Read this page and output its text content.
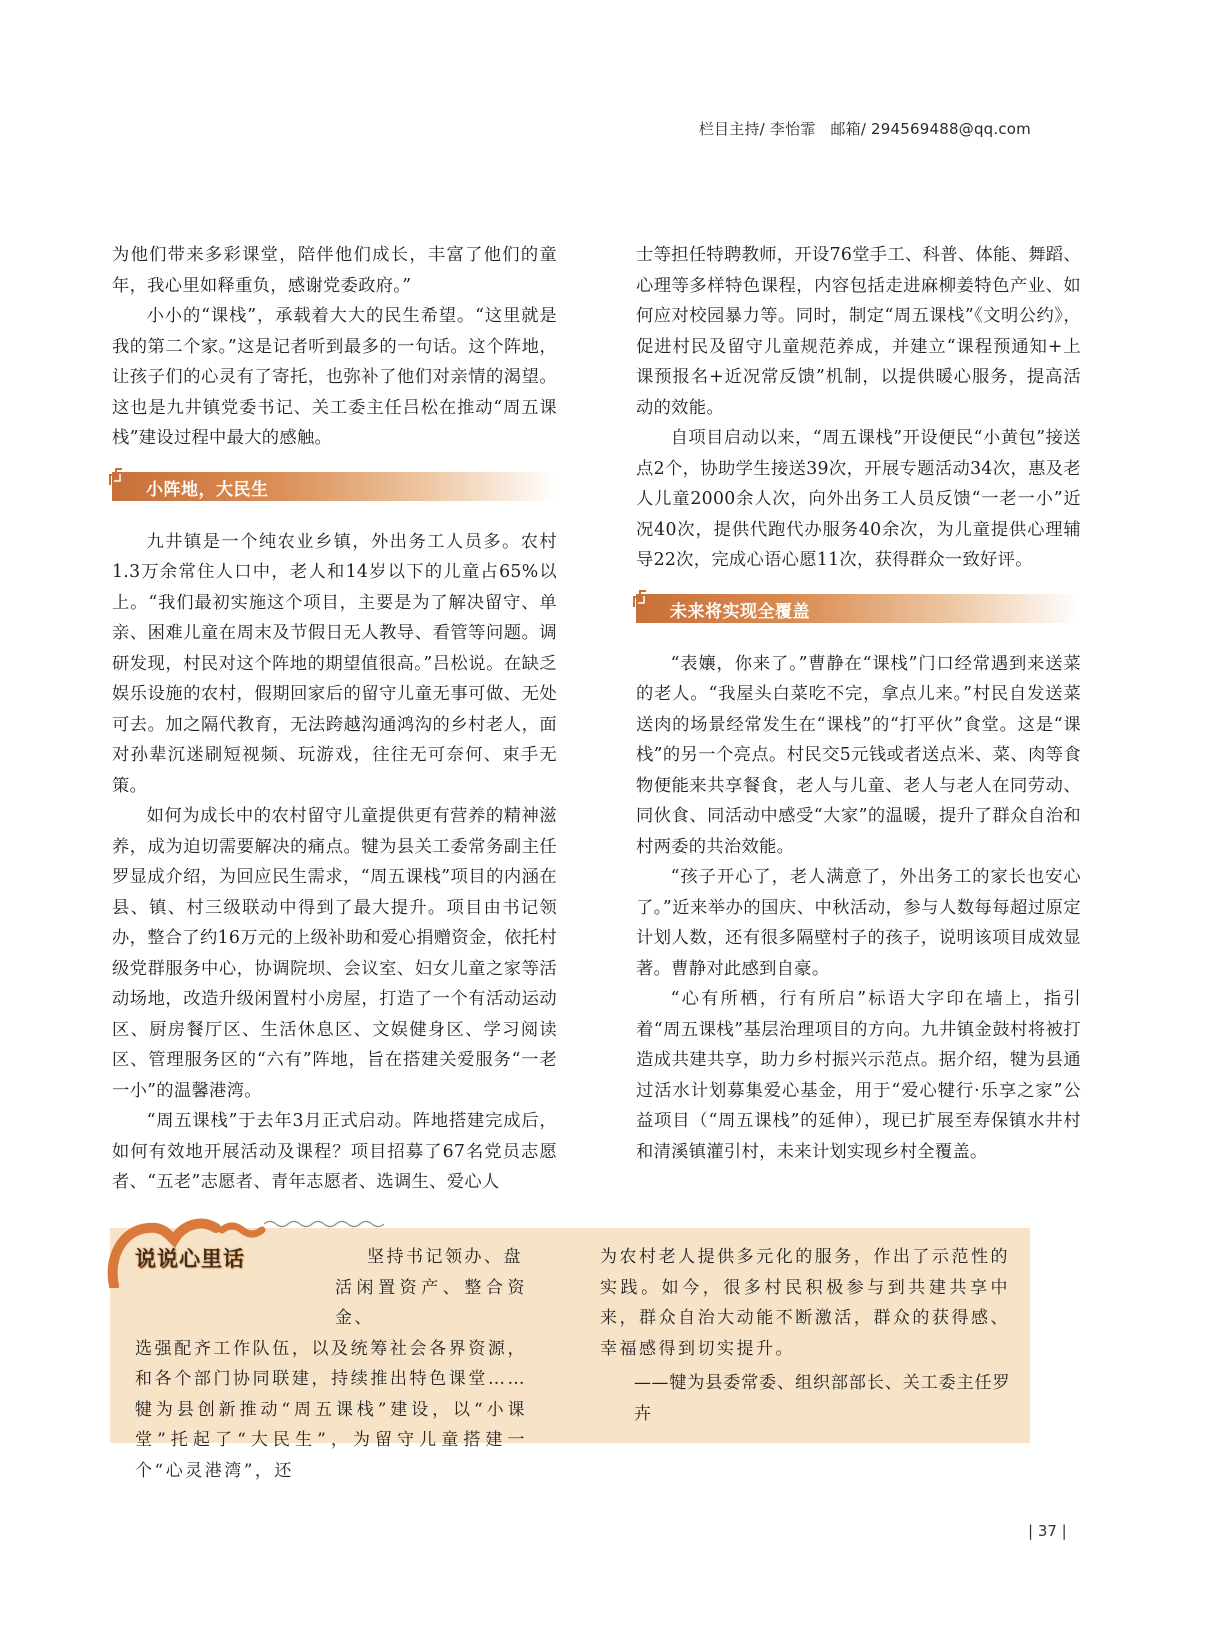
栏目主持/ 李怡霏 邮箱/ 294569488@qq.com

为他们带来多彩课堂，陪伴他们成长，丰富了他们的童年，我心里如释重负，感谢党委政府。”

小小的“课栈”，承载着大大的民生希望。“这里就是我的第二个家。”这是记者听到最多的一句话。这个阵地，让孩子们的心灵有了寄托，也弥补了他们对亲情的渴望。这也是九井镇党委书记、关工委主任吕松在推动“周五课栈”建设过程中最大的感触。

小阵地，大民生

九井镇是一个纯农业乡镇，外出务工人员多。农村1.3万余常住人口中，老人和14岁以下的儿童占65%以上。“我们最初实施这个项目，主要是为了解决留守、单亲、困难儿童在周末及节假日无人教导、看管等问题。调研发现，村民对这个阵地的期望值很高。”吕松说。在缺乏娱乐设施的农村，假期回家后的留守儿童无事可做、无处可去。加之隔代教育，无法跨越沟通鸿沟的乡村老人，面对孙辈沉迷刷短视频、玩游戏，往往无可奈何、束手无策。

如何为成长中的农村留守儿童提供更有营养的精神滋养，成为迫切需要解决的痛点。犍为县关工委常务副主任罗显成介绍，为回应民生需求，“周五课栈”项目的内涵在县、镇、村三级联动中得到了最大提升。项目由书记领办，整合了约16万元的上级补助和爱心捐赠资金，依托村级党群服务中心，协调院坝、会议室、妇女儿童之家等活动场地，改造升级闲置村小房屋，打造了一个有活动运动区、厨房餐厅区、生活休息区、文娱健身区、学习阅读区、管理服务区的“六有”阵地，旨在搭建关爱服务“一老一小”的温馨港湾。

“周五课栈”于去年3月正式启动。阵地搭建完成后，如何有效地开展活动及课程？项目招募了67名党员志愿者、“五老”志愿者、青年志愿者、选调生、爱心人

士等担任特聘教师，开设76堂手工、科普、体能、舞蹈、心理等多样特色课程，内容包括走进麻柳姜特色产业、如何应对校园暴力等。同时，制定“周五课栈”《文明公约》，促进村民及留守儿童规范养成，并建立“课程预通知+上课预报名+近况常反馈”机制，以提供暖心服务，提高活动的效能。

自项目启动以来，“周五课栈”开设便民“小黄包”接送点2个，协助学生接送39次，开展专题活动34次，惠及老人儿童2000余人次，向外出务工人员反馈“一老一小”近况40次，提供代跑代办服务40余次，为儿童提供心理辅导22次，完成心语心愿11次，获得群众一致好评。

未来将实现全覆盖

“表孃，你来了。”曹静在“课栈”门口经常遇到来送菜的老人。“我屋头白菜吃不完，拿点儿来。”村民自发送菜送肉的场景经常发生在“课栈”的“打平伙”食堂。这是“课栈”的另一个亮点。村民交5元钱或者送点米、菜、肉等食物便能来共享餐食，老人与儿童、老人与老人在同劳动、同伙食、同活动中感受“大家”的温暖，提升了群众自治和村两委的共治效能。

“孩子开心了，老人满意了，外出务工的家长也安心了。”近来举办的国庆、中秋活动，参与人数每每超过原定计划人数，还有很多隔壁村子的孩子，说明该项目成效显著。曹静对此感到自豪。

“心有所栖，行有所启”标语大字印在墙上，指引着“周五课栈”基层治理项目的方向。九井镇金鼓村将被打造成共建共享，助力乡村振兴示范点。据介绍，犍为县通过活水计划募集爱心基金，用于“爱心犍行·乐享之家”公益项目（“周五课栈”的延伸），现已扩展至寿保镇水井村和清溪镇灌引村，未来计划实现乡村全覆盖。

说说心里话	坚持书记领办、盘
活闲置资产、整合资金、
选强配齐工作队伍，以及统筹社会各界资源，和各个部门协同联建，持续推出特色课堂……犍为县创新推动“周五课栈”建设，以“小课堂”托起了“大民生”，为留守儿童搭建一个“心灵港湾”，还
为农村老人提供多元化的服务，作出了示范性的实践。如今，很多村民积极参与到共建共享中来，群众自治大动能不断激活，群众的获得感、幸福感得到切实提升。
——犍为县委常委、组织部部长、关工委主任罗卉
| 37 |
